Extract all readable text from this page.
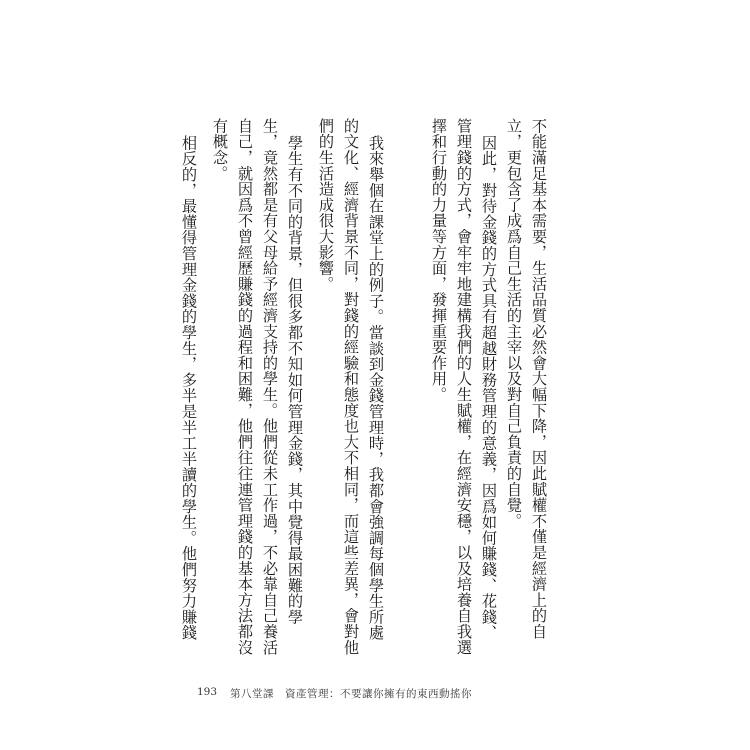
不能滿足基本需要，生活品質必然會大幅下降，因此賦權不僅是經濟上的自
立，更包含了成爲自己生活的主宰以及對自己負責的自覺。
因此，對待金錢的方式具有超越財務管理的意義，因爲如何賺錢、花錢、
管理錢的方式，會牢牢地建構我們的人生賦權，在經濟安穩，以及培養自我選
擇和行動的力量等方面，發揮重要作用。
我來舉個在課堂上的例子。當談到金錢管理時，我都會強調每個學生所處
的文化、經濟背景不同，對錢的經驗和態度也大不相同，而這些差異，會對他
們的生活造成很大影響。
學生有不同的背景，但很多都不知如何管理金錢，其中覺得最困難的學
生，竟然都是有父母給予經濟支持的學生。他們從未工作過，不必靠自己養活
自己，就因爲不曾經歷賺錢的過程和困難，他們往往連管理錢的基本方法都沒
有概念。
相反的，最懂得管理金錢的學生，多半是半工半讀的學生。他們努力賺錢
193 第八堂課　資產管理：不要讓你擁有的東西動搖你
